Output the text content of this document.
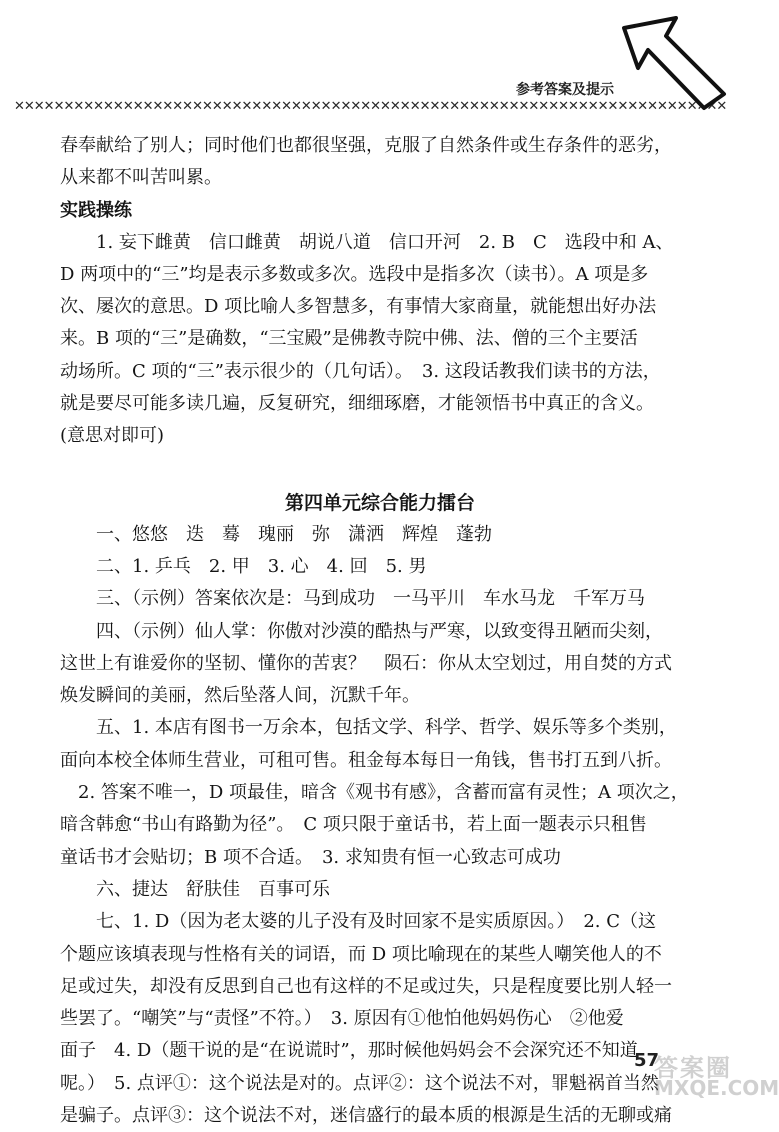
✕✕✕✕✕✕✕✕✕✕✕✕✕✕✕✕✕✕✕✕✕✕✕✕✕✕✕✕✕✕✕✕✕✕✕✕✕✕✕✕✕✕✕✕✕✕✕✕✕✕✕✕✕✕✕✕✕✕✕✕✕✕✕✕✕✕✕✕✕✕✕✕
参考答案及提示

春奉献给了别人；同时他们也都很坚强，克服了自然条件或生存条件的恶劣，

从来都不叫苦叫累。

实践操练

1. 妄下雌黄　信口雌黄　胡说八道　信口开河　2. B　C　选段中和 A、

D 两项中的“三”均是表示多数或多次。选段中是指多次（读书）。A 项是多

次、屡次的意思。D 项比喻人多智慧多，有事情大家商量，就能想出好办法

来。B 项的“三”是确数，“三宝殿”是佛教寺院中佛、法、僧的三个主要活

动场所。C 项的“三”表示很少的（几句话）。　3. 这段话教我们读书的方法，

就是要尽可能多读几遍，反复研究，细细琢磨，才能领悟书中真正的含义。

(意思对即可)

第四单元综合能力擂台

一、悠悠　迭　蓦　瑰丽　弥　潇洒　辉煌　蓬勃

二、1. 乒乓　2. 甲　3. 心　4. 回　5. 男

三、（示例）答案依次是：马到成功　一马平川　车水马龙　千军万马

四、（示例）仙人掌：你傲对沙漠的酷热与严寒，以致变得丑陋而尖刻，

这世上有谁爱你的坚韧、懂你的苦衷？　陨石：你从太空划过，用自焚的方式

焕发瞬间的美丽，然后坠落人间，沉默千年。

五、1. 本店有图书一万余本，包括文学、科学、哲学、娱乐等多个类别，

面向本校全体师生营业，可租可售。租金每本每日一角钱，售书打五到八折。

2. 答案不唯一，D 项最佳，暗含《观书有感》，含蓄而富有灵性；A 项次之，

暗含韩愈“书山有路勤为径”。　C 项只限于童话书，若上面一题表示只租售

童话书才会贴切；B 项不合适。　3. 求知贵有恒一心致志可成功

六、捷达　舒肤佳　百事可乐

七、1. D（因为老太婆的儿子没有及时回家不是实质原因。）　2. C（这

个题应该填表现与性格有关的词语，而 D 项比喻现在的某些人嘲笑他人的不

足或过失，却没有反思到自己也有这样的不足或过失，只是程度要比别人轻一

些罢了。“嘲笑”与“责怪”不符。）　3. 原因有①他怕他妈妈伤心　②他爱

面子　4. D（题干说的是“在说谎时”，那时候他妈妈会不会深究还不知道

呢。）　5. 点评①：这个说法是对的。点评②：这个说法不对，罪魁祸首当然

是骗子。点评③：这个说法不对，迷信盛行的最本质的根源是生活的无聊或痛

57
答案圈
MXQE.COM
